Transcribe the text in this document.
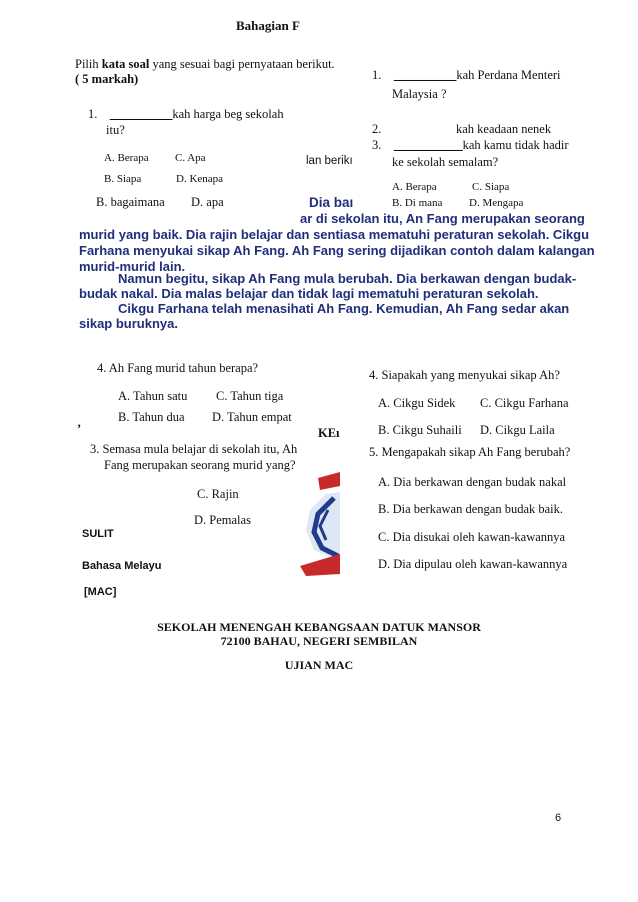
Bahagian F
Pilih kata soal yang sesuai bagi pernyataan berikut.
( 5 markah)
1. __________kah harga beg sekolah
itu?
A. Berapa C. Apa
B. Siapa	D. Kenapa
B. bagaimana D. apa
1. __________kah Perdana Menteri
Malaysia ?
2.	kah keadaan nenek
3. ___________kah kamu tidak hadir
ke sekolah semalam?
A. Berapa	C. Siapa
B. Di mana D. Mengapa
lan berikı
Dia baı
ar di sekolan itu, An Fang merupakan seorang
murid yang baik. Dia rajin belajar dan sentiasa mematuhi peraturan sekolah. Cikgu
Farhana menyukai sikap Ah Fang. Ah Fang sering dijadikan contoh dalam kalangan
murid-murid lain.
Namun begitu, sikap Ah Fang mula berubah. Dia berkawan dengan budak-
budak nakal. Dia malas belajar dan tidak lagi mematuhi peraturan sekolah.
Cikgu Farhana telah menasihati Ah Fang. Kemudian, Ah Fang sedar akan
sikap buruknya.
4. Ah Fang murid tahun berapa?
A. Tahun satu C. Tahun tiga
B. Tahun dua D. Tahun empat
ʼ	KEı
3. Semasa mula belajar di sekolah itu, Ah
Fang merupakan seorang murid yang?
C. Rajin
D. Pemalas
4. Siapakah yang menyukai sikap Ah?
A. Cikgu Sidek C. Cikgu Farhana
B. Cikgu Suhaili D. Cikgu Laila
5. Mengapakah sikap Ah Fang berubah?
A. Dia berkawan dengan budak nakal
B. Dia berkawan dengan budak baik.
C. Dia disukai oleh kawan-kawannya
D. Dia dipulau oleh kawan-kawannya
SULIT
Bahasa Melayu
[MAC]
SEKOLAH MENENGAH KEBANGSAAN DATUK MANSOR
72100 BAHAU, NEGERI SEMBILAN
UJIAN MAC
6
